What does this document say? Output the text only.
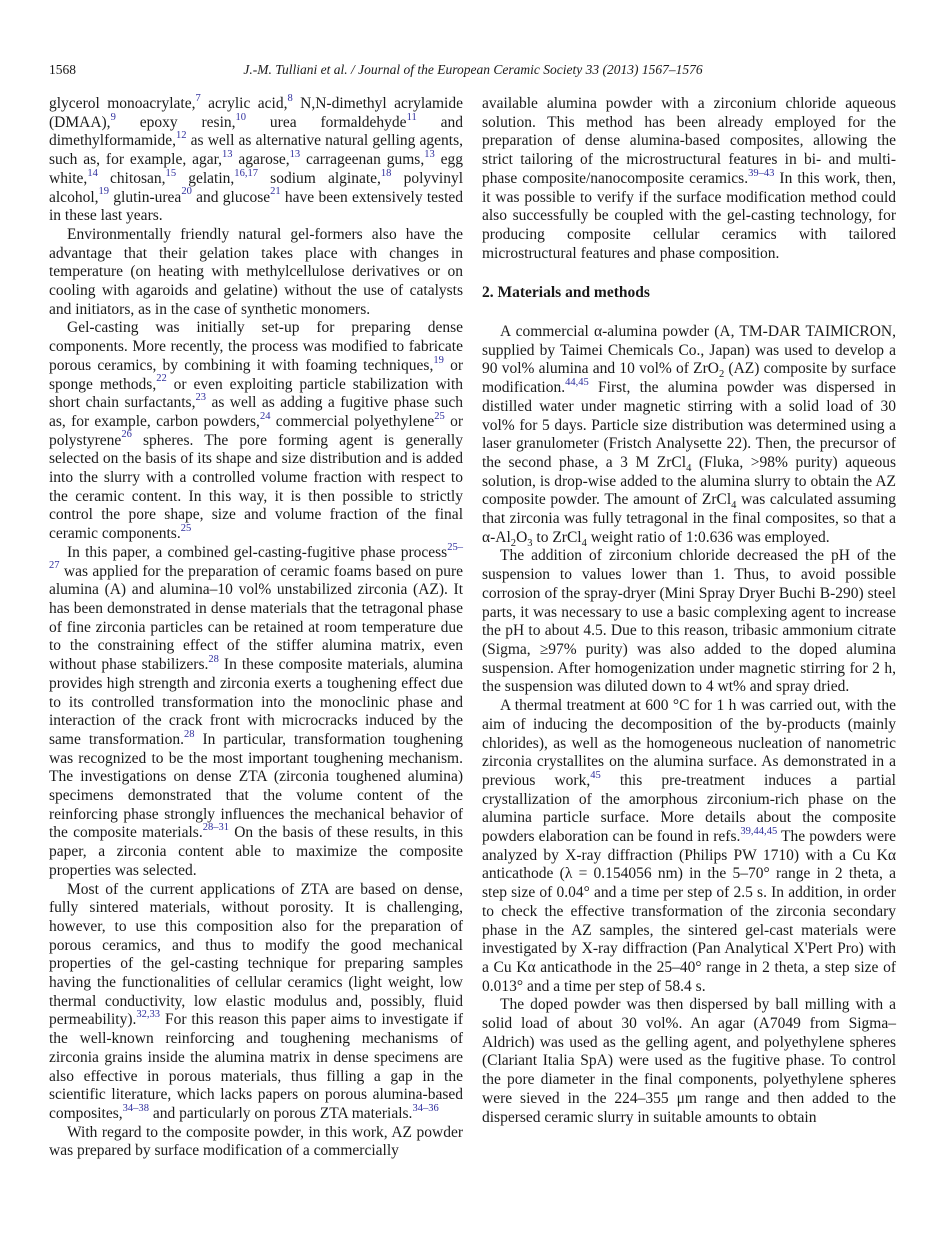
1568	J.-M. Tulliani et al. / Journal of the European Ceramic Society 33 (2013) 1567–1576

glycerol monoacrylate,$^7$ acrylic acid,$^8$ N,N-dimethyl acrylamide (DMAA),$^9$ epoxy resin,$^{10}$ urea formaldehyde$^{11}$ and dimethylformamide,$^{12}$ as well as alternative natural gelling agents, such as, for example, agar,$^{13}$ agarose,$^{13}$ carrageenan gums,$^{13}$ egg white,$^{14}$ chitosan,$^{15}$ gelatin,$^{16,17}$ sodium alginate,$^{18}$ polyvinyl alcohol,$^{19}$ glutin-urea$^{20}$ and glucose$^{21}$ have been extensively tested in these last years.

Environmentally friendly natural gel-formers also have the advantage that their gelation takes place with changes in temperature (on heating with methylcellulose derivatives or on cooling with agaroids and gelatine) without the use of catalysts and initiators, as in the case of synthetic monomers.

Gel-casting was initially set-up for preparing dense components. More recently, the process was modified to fabricate porous ceramics, by combining it with foaming techniques,$^{19}$ or sponge methods,$^{22}$ or even exploiting particle stabilization with short chain surfactants,$^{23}$ as well as adding a fugitive phase such as, for example, carbon powders,$^{24}$ commercial polyethylene$^{25}$ or polystyrene$^{26}$ spheres. The pore forming agent is generally selected on the basis of its shape and size distribution and is added into the slurry with a controlled volume fraction with respect to the ceramic content. In this way, it is then possible to strictly control the pore shape, size and volume fraction of the final ceramic components.$^{25}$

In this paper, a combined gel-casting-fugitive phase process$^{25-27}$ was applied for the preparation of ceramic foams based on pure alumina (A) and alumina–10 vol% unstabilized zirconia (AZ). It has been demonstrated in dense materials that the tetragonal phase of fine zirconia particles can be retained at room temperature due to the constraining effect of the stiffer alumina matrix, even without phase stabilizers.$^{28}$ In these composite materials, alumina provides high strength and zirconia exerts a toughening effect due to its controlled transformation into the monoclinic phase and interaction of the crack front with microcracks induced by the same transformation.$^{28}$ In particular, transformation toughening was recognized to be the most important toughening mechanism. The investigations on dense ZTA (zirconia toughened alumina) specimens demonstrated that the volume content of the reinforcing phase strongly influences the mechanical behavior of the composite materials.$^{28-31}$ On the basis of these results, in this paper, a zirconia content able to maximize the composite properties was selected.

Most of the current applications of ZTA are based on dense, fully sintered materials, without porosity. It is challenging, however, to use this composition also for the preparation of porous ceramics, and thus to modify the good mechanical properties of the gel-casting technique for preparing samples having the functionalities of cellular ceramics (light weight, low thermal conductivity, low elastic modulus and, possibly, fluid permeability).$^{32,33}$ For this reason this paper aims to investigate if the well-known reinforcing and toughening mechanisms of zirconia grains inside the alumina matrix in dense specimens are also effective in porous materials, thus filling a gap in the scientific literature, which lacks papers on porous alumina-based composites,$^{34-38}$ and particularly on porous ZTA materials.$^{34-36}$

With regard to the composite powder, in this work, AZ powder was prepared by surface modification of a commercially

available alumina powder with a zirconium chloride aqueous solution. This method has been already employed for the preparation of dense alumina-based composites, allowing the strict tailoring of the microstructural features in bi- and multi-phase composite/nanocomposite ceramics.$^{39-43}$ In this work, then, it was possible to verify if the surface modification method could also successfully be coupled with the gel-casting technology, for producing composite cellular ceramics with tailored microstructural features and phase composition.

2. Materials and methods

A commercial α-alumina powder (A, TM-DAR TAIMICRON, supplied by Taimei Chemicals Co., Japan) was used to develop a 90 vol% alumina and 10 vol% of ZrO$_2$ (AZ) composite by surface modification.$^{44,45}$ First, the alumina powder was dispersed in distilled water under magnetic stirring with a solid load of 30 vol% for 5 days. Particle size distribution was determined using a laser granulometer (Fristch Analysette 22). Then, the precursor of the second phase, a 3 M ZrCl$_4$ (Fluka, >98% purity) aqueous solution, is drop-wise added to the alumina slurry to obtain the AZ composite powder. The amount of ZrCl$_4$ was calculated assuming that zirconia was fully tetragonal in the final composites, so that a $\alpha-Al_2O_3$ to ZrCl$_4$ weight ratio of 1:0.636 was employed.

The addition of zirconium chloride decreased the pH of the suspension to values lower than 1. Thus, to avoid possible corrosion of the spray-dryer (Mini Spray Dryer Buchi B-290) steel parts, it was necessary to use a basic complexing agent to increase the pH to about 4.5. Due to this reason, tribasic ammonium citrate (Sigma, ≥97% purity) was also added to the doped alumina suspension. After homogenization under magnetic stirring for 2 h, the suspension was diluted down to 4 wt% and spray dried.

A thermal treatment at 600 °C for 1 h was carried out, with the aim of inducing the decomposition of the by-products (mainly chlorides), as well as the homogeneous nucleation of nanometric zirconia crystallites on the alumina surface. As demonstrated in a previous work,$^{45}$ this pre-treatment induces a partial crystallization of the amorphous zirconium-rich phase on the alumina particle surface. More details about the composite powders elaboration can be found in refs.$^{39,44,45}$ The powders were analyzed by X-ray diffraction (Philips PW 1710) with a Cu Kα anticathode (λ = 0.154056 nm) in the 5–70° range in 2 theta, a step size of 0.04° and a time per step of 2.5 s. In addition, in order to check the effective transformation of the zirconia secondary phase in the AZ samples, the sintered gel-cast materials were investigated by X-ray diffraction (Pan Analytical X'Pert Pro) with a Cu Kα anticathode in the 25–40° range in 2 theta, a step size of 0.013° and a time per step of 58.4 s.

The doped powder was then dispersed by ball milling with a solid load of about 30 vol%. An agar (A7049 from Sigma–Aldrich) was used as the gelling agent, and polyethylene spheres (Clariant Italia SpA) were used as the fugitive phase. To control the pore diameter in the final components, polyethylene spheres were sieved in the 224–355 μm range and then added to the dispersed ceramic slurry in suitable amounts to obtain
